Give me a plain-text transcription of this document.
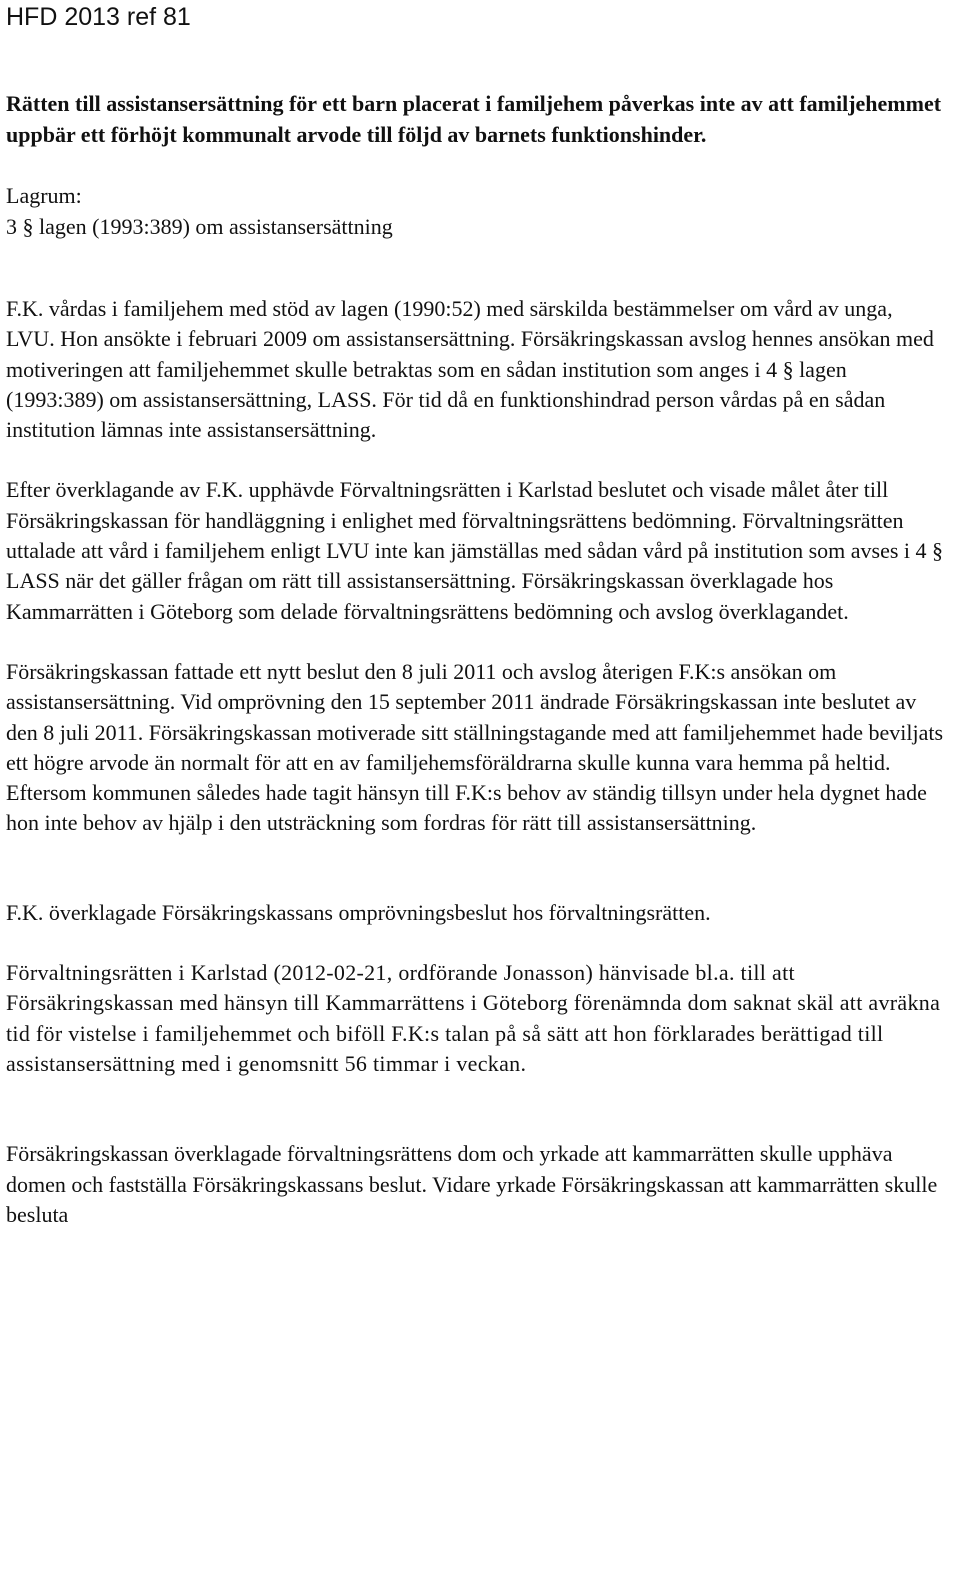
HFD 2013 ref 81

Rätten till assistansersättning för ett barn placerat i familjehem påverkas inte av att familjehemmet uppbär ett förhöjt kommunalt arvode till följd av barnets funktionshinder.

Lagrum:
3 § lagen (1993:389) om assistansersättning

F.K. vårdas i familjehem med stöd av lagen (1990:52) med särskilda bestämmelser om vård av unga, LVU. Hon ansökte i februari 2009 om assistansersättning. Försäkringskassan avslog hennes ansökan med motiveringen att familjehemmet skulle betraktas som en sådan institution som anges i 4 § lagen (1993:389) om assistansersättning, LASS. För tid då en funktionshindrad person vårdas på en sådan institution lämnas inte assistansersättning.

Efter överklagande av F.K. upphävde Förvaltningsrätten i Karlstad beslutet och visade målet åter till Försäkringskassan för handläggning i enlighet med förvaltningsrättens bedömning. Förvaltningsrätten uttalade att vård i familjehem enligt LVU inte kan jämställas med sådan vård på institution som avses i 4 § LASS när det gäller frågan om rätt till assistansersättning. Försäkringskassan överklagade hos Kammarrätten i Göteborg som delade förvaltningsrättens bedömning och avslog överklagandet.

Försäkringskassan fattade ett nytt beslut den 8 juli 2011 och avslog återigen F.K:s ansökan om assistansersättning. Vid omprövning den 15 september 2011 ändrade Försäkringskassan inte beslutet av den 8 juli 2011. Försäkringskassan motiverade sitt ställningstagande med att familjehemmet hade beviljats ett högre arvode än normalt för att en av familjehemsföräldrarna skulle kunna vara hemma på heltid. Eftersom kommunen således hade tagit hänsyn till F.K:s behov av ständig tillsyn under hela dygnet hade hon inte behov av hjälp i den utsträckning som fordras för rätt till assistansersättning.

F.K. överklagade Försäkringskassans omprövningsbeslut hos förvaltningsrätten.

Förvaltningsrätten i Karlstad (2012-02-21, ordförande Jonasson) hänvisade bl.a. till att Försäkringskassan med hänsyn till Kammarrättens i Göteborg förenämnda dom saknat skäl att avräkna tid för vistelse i familjehemmet och biföll F.K:s talan på så sätt att hon förklarades berättigad till assistansersättning med i genomsnitt 56 timmar i veckan.

Försäkringskassan överklagade förvaltningsrättens dom och yrkade att kammarrätten skulle upphäva domen och fastställa Försäkringskassans beslut. Vidare yrkade Försäkringskassan att kammarrätten skulle besluta
